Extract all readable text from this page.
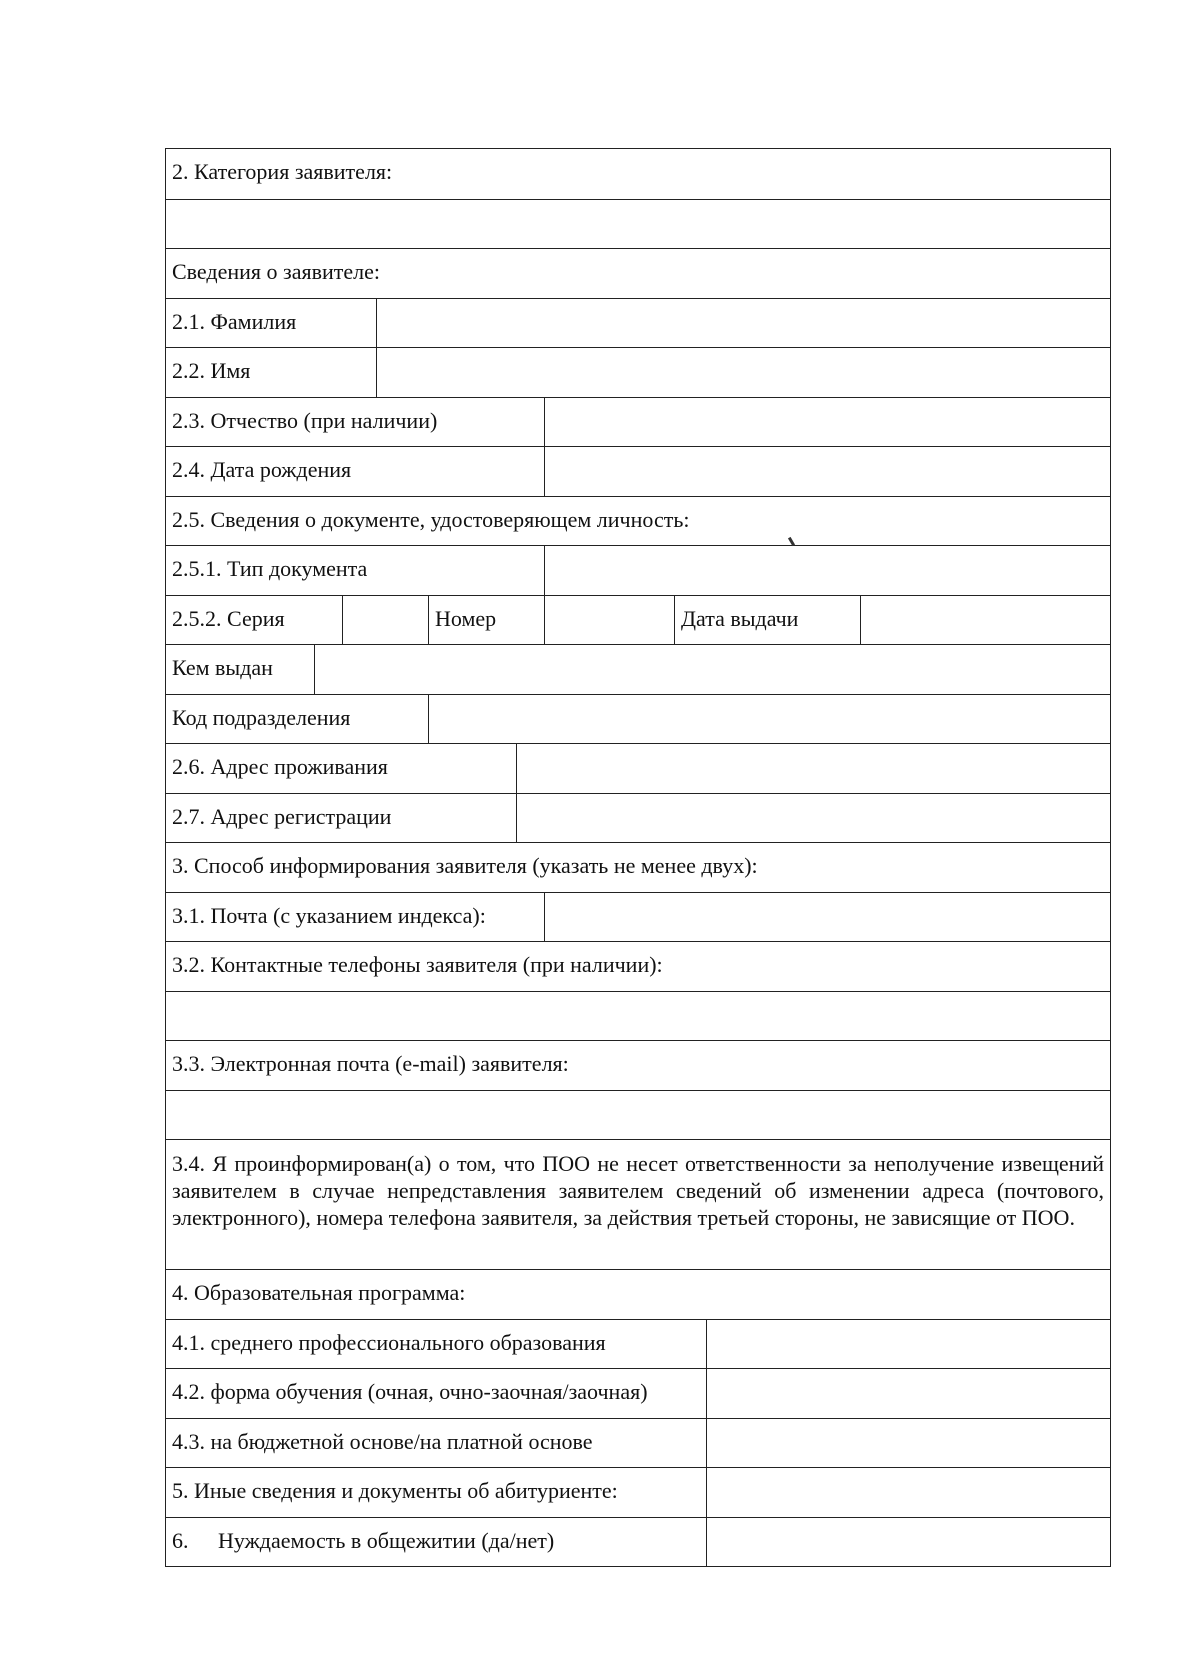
2. Категория заявителя:
Сведения о заявителе:
2.1. Фамилия
2.2. Имя
2.3. Отчество (при наличии)
2.4. Дата рождения
2.5. Сведения о документе, удостоверяющем личность:
2.5.1. Тип документа
2.5.2. Серия	Номер	Дата выдачи
Кем выдан
Код подразделения
2.6. Адрес проживания
2.7. Адрес регистрации
3. Способ информирования заявителя (указать не менее двух):
3.1. Почта (с указанием индекса):
3.2. Контактные телефоны заявителя (при наличии):
3.3. Электронная почта (e-mail) заявителя:
3.4. Я проинформирован(а) о том, что ПОО не несет ответственности за неполучение извещений заявителем в случае непредставления заявителем сведений об изменении адреса (почтового, электронного), номера телефона заявителя, за действия третьей стороны, не зависящие от ПОО.
4. Образовательная программа:
4.1. среднего профессионального образования
4.2. форма обучения (очная, очно-заочная/заочная)
4.3. на бюджетной основе/на платной основе
5. Иные сведения и документы об абитуриенте:
6. Нуждаемость в общежитии (да/нет)
